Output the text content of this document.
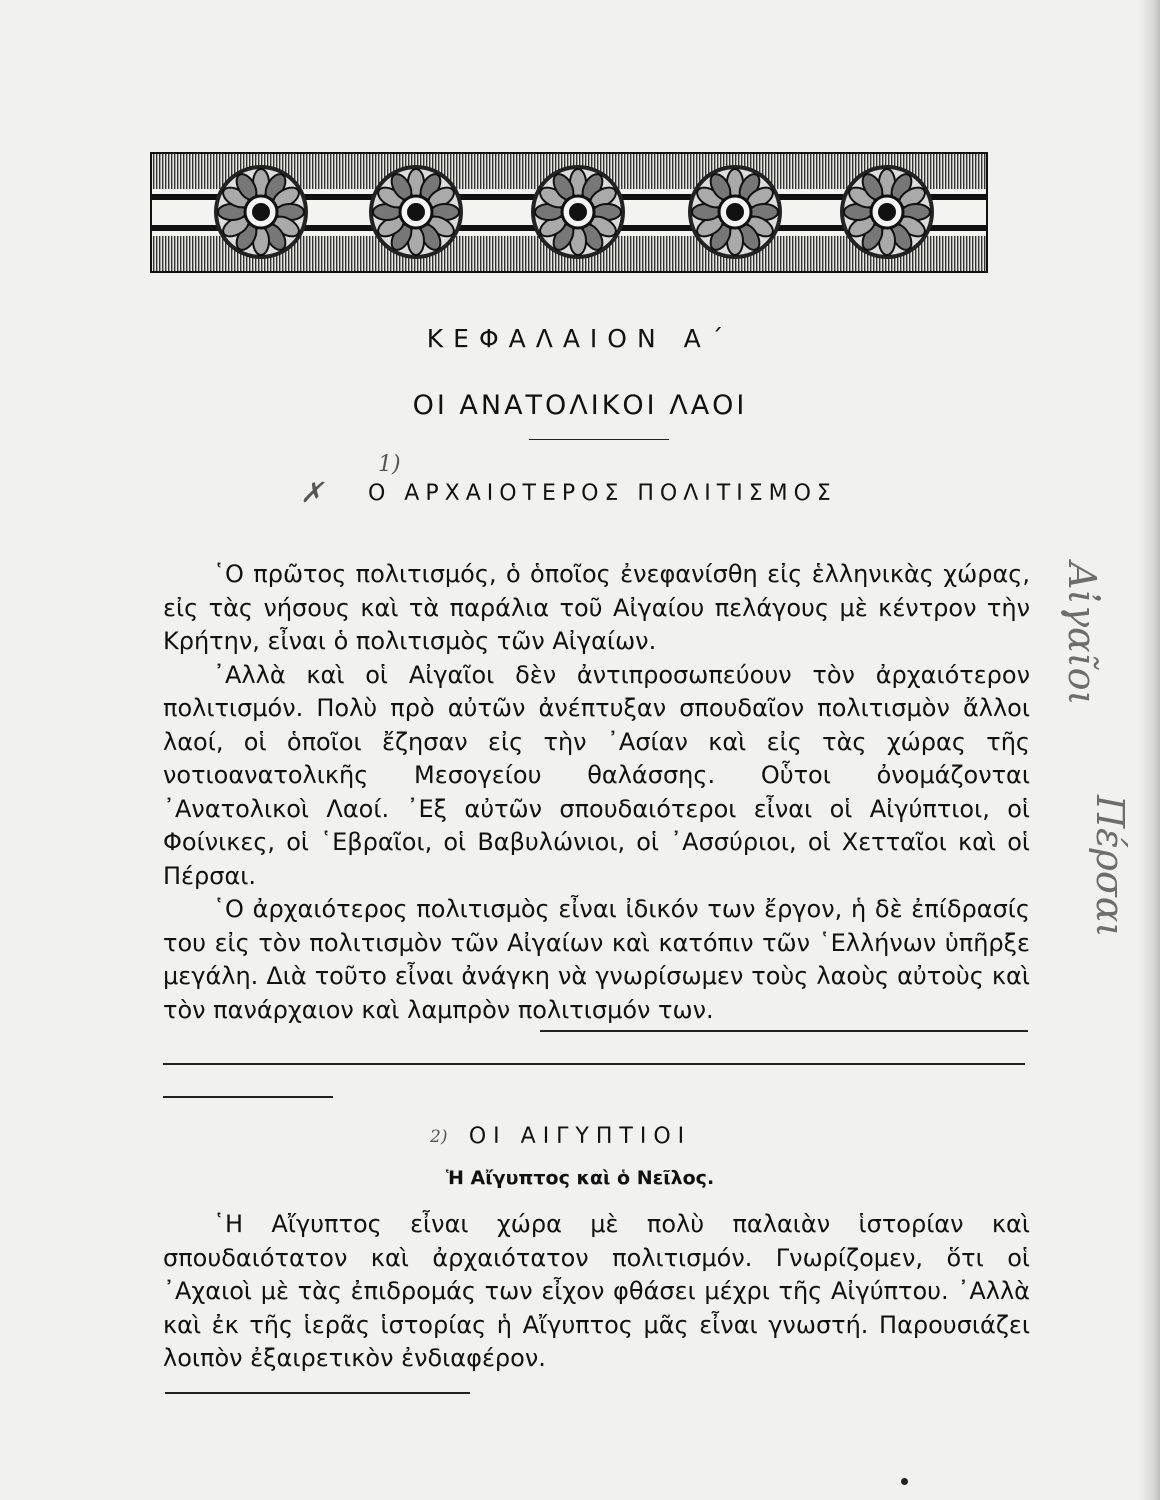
ΚΕΦΑΛΑΙΟΝ Α΄
ΟΙ ΑΝΑΤΟΛΙΚΟΙ ΛΑΟΙ
✗
1)
Ο ΑΡΧΑΙΟΤΕΡΟΣ ΠΟΛΙΤΙΣΜΟΣ

῾Ο πρῶτος πολιτισμός, ὁ ὁποῖος ἐνεφανίσθη εἰς ἑλληνικὰς χώρας, εἰς τὰς νήσους καὶ τὰ παράλια τοῦ Αἰγαίου πελάγους μὲ κέντρον τὴν Κρήτην, εἶναι ὁ πολιτισμὸς τῶν Αἰγαίων.

᾿Αλλὰ καὶ οἱ Αἰγαῖοι δὲν ἀντιπροσωπεύουν τὸν ἀρχαιότερον πολιτισμόν. Πολὺ πρὸ αὐτῶν ἀνέπτυξαν σπουδαῖον πολιτισμὸν ἄλλοι λαοί, οἱ ὁποῖοι ἔζησαν εἰς τὴν ᾿Ασίαν καὶ εἰς τὰς χώρας τῆς νοτιοανατολικῆς Μεσογείου θαλάσσης. Οὗτοι ὀνομάζονται ᾿Ανατολικοὶ Λαοί. ᾿Εξ αὐτῶν σπουδαιότεροι εἶναι οἱ Αἰγύπτιοι, οἱ Φοίνικες, οἱ ῾Εβραῖοι, οἱ Βαβυλώνιοι, οἱ ᾿Ασσύριοι, οἱ Χετταῖοι καὶ οἱ Πέρσαι.

῾Ο ἀρχαιότερος πολιτισμὸς εἶναι ἰδικόν των ἔργον, ἡ δὲ ἐπίδρασίς του εἰς τὸν πολιτισμὸν τῶν Αἰγαίων καὶ κατόπιν τῶν ῾Ελλήνων ὑπῆρξε μεγάλη. Διὰ τοῦτο εἶναι ἀνάγκη νὰ γνωρίσωμεν τοὺς λαοὺς αὐτοὺς καὶ τὸν πανάρχαιον καὶ λαμπρὸν πολιτισμόν των.

2) ΟΙ ΑΙΓΥΠΤΙΟΙ
Ἡ Αἴγυπτος καὶ ὁ Νεῖλος.

῾Η Αἴγυπτος εἶναι χώρα μὲ πολὺ παλαιὰν ἱστορίαν καὶ σπουδαιότατον καὶ ἀρχαιότατον πολιτισμόν. Γνωρίζομεν, ὅτι οἱ ᾿Αχαιοὶ μὲ τὰς ἐπιδρομάς των εἶχον φθάσει μέχρι τῆς Αἰγύπτου. ᾿Αλλὰ καὶ ἐκ τῆς ἱερᾶς ἱστορίας ἡ Αἴγυπτος μᾶς εἶναι γνωστή. Παρουσιάζει λοιπὸν ἐξαιρετικὸν ἐνδιαφέρον.

Αἰγαῖοι
Πέρσαι
